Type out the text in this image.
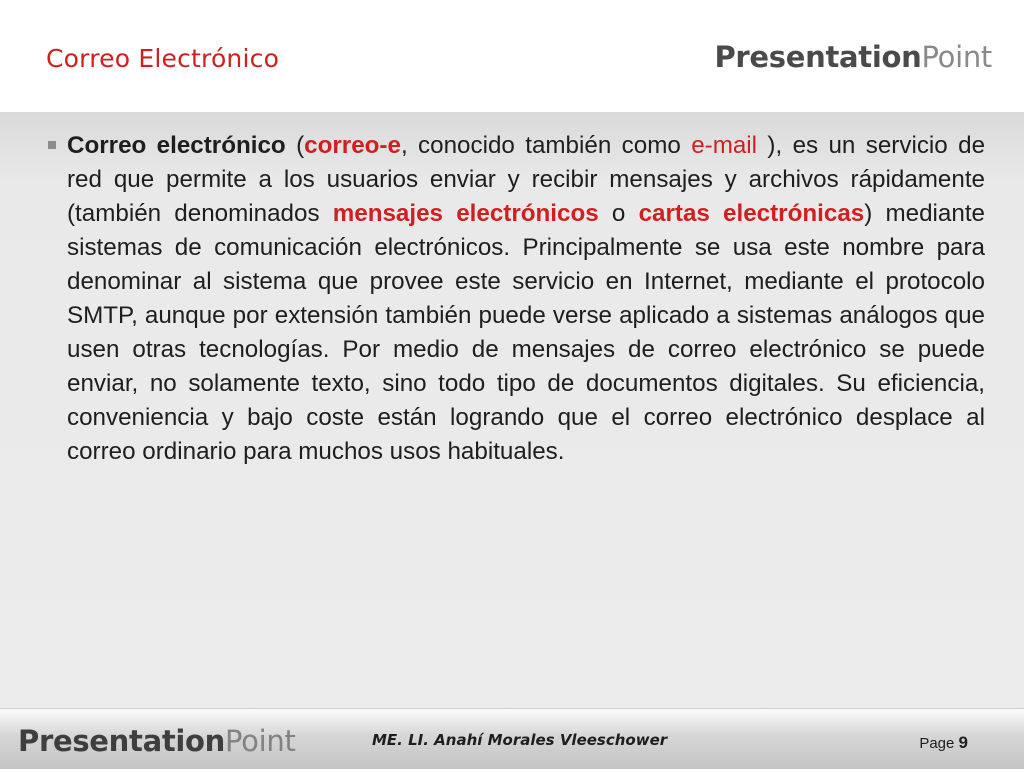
Correo Electrónico	PresentationPoint

Correo electrónico (correo-e, conocido también como e-mail ), es un servicio de red que permite a los usuarios enviar y recibir mensajes y archivos rápidamente (también denominados mensajes electrónicos o cartas electrónicas) mediante sistemas de comunicación electrónicos. Principalmente se usa este nombre para denominar al sistema que provee este servicio en Internet, mediante el protocolo SMTP, aunque por extensión también puede verse aplicado a sistemas análogos que usen otras tecnologías. Por medio de mensajes de correo electrónico se puede enviar, no solamente texto, sino todo tipo de documentos digitales. Su eficiencia, conveniencia y bajo coste están logrando que el correo electrónico desplace al correo ordinario para muchos usos habituales.

PresentationPoint	ME. LI. Anahí Morales Vleeschower	Page 9
